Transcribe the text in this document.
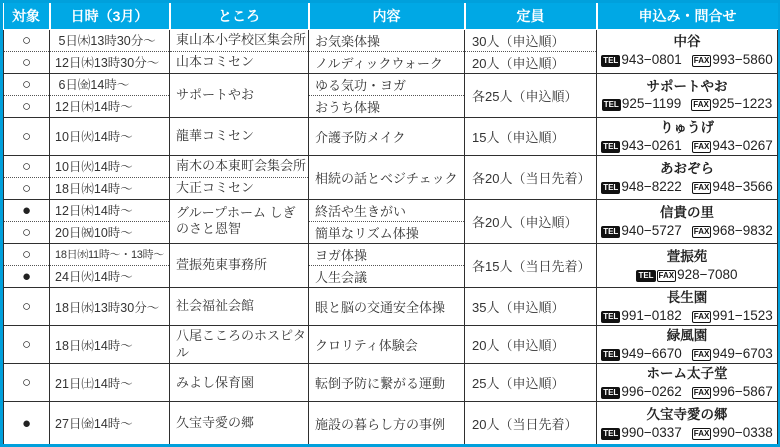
対象	日時（3月）	ところ	内容	定員	申込み・問合せ
○	5日㈭13時30分～	東山本小学校区集会所	お気楽体操	30人（申込順）	中谷
TEL 943−0801 FAX 993−5860

○	12日㈭13時30分～	山本コミセン	ノルディックウォーク	20人（申込順）	
○	6日㈮14時～	サポートやお	ゆる気功・ヨガ	各25人（申込順）	サポートやお
TEL 925−1199 FAX 925−1223

○	12日㈭14時～		おうち体操		
○	10日㈫14時～	龍華コミセン	介護予防メイク	15人（申込順）	りゅうげ
TEL 943−0261 FAX 943−0267

○	10日㈫14時～	南木の本東町会集会所	相続の話とベジチェック	各20人（当日先着）	あおぞら
TEL 948−8222 FAX 948−3566

○	18日㈬14時～	大正コミセン			
●	12日㈭14時～	グループホーム しぎのさと恩智	終活や生きがい	各20人（申込順）	信貴の里
TEL 940−5727 FAX 968−9832

○	20日㈷10時～		簡単なリズム体操		
○	18日㈬11時～・13時～	萱振苑東事務所	ヨガ体操	各15人（当日先着）	萱振苑
TEL FAX 928−7080

●	24日㈫14時～		人生会議		
○	18日㈬13時30分～	社会福祉会館	眼と脳の交通安全体操	35人（申込順）	長生園
TEL 991−0182 FAX 991−1523

○	18日㈬14時～	八尾こころのホスピタル	クロリティ体験会	20人（申込順）	緑風園
TEL 949−6670 FAX 949−6703

○	21日㈯14時～	みよし保育園	転倒予防に繋がる運動	25人（申込順）	ホーム太子堂
TEL 996−0262 FAX 996−5867

●	27日㈮14時～	久宝寺愛の郷	施設の暮らし方の事例	20人（当日先着）	久宝寺愛の郷
TEL 990−0337 FAX 990−0338
